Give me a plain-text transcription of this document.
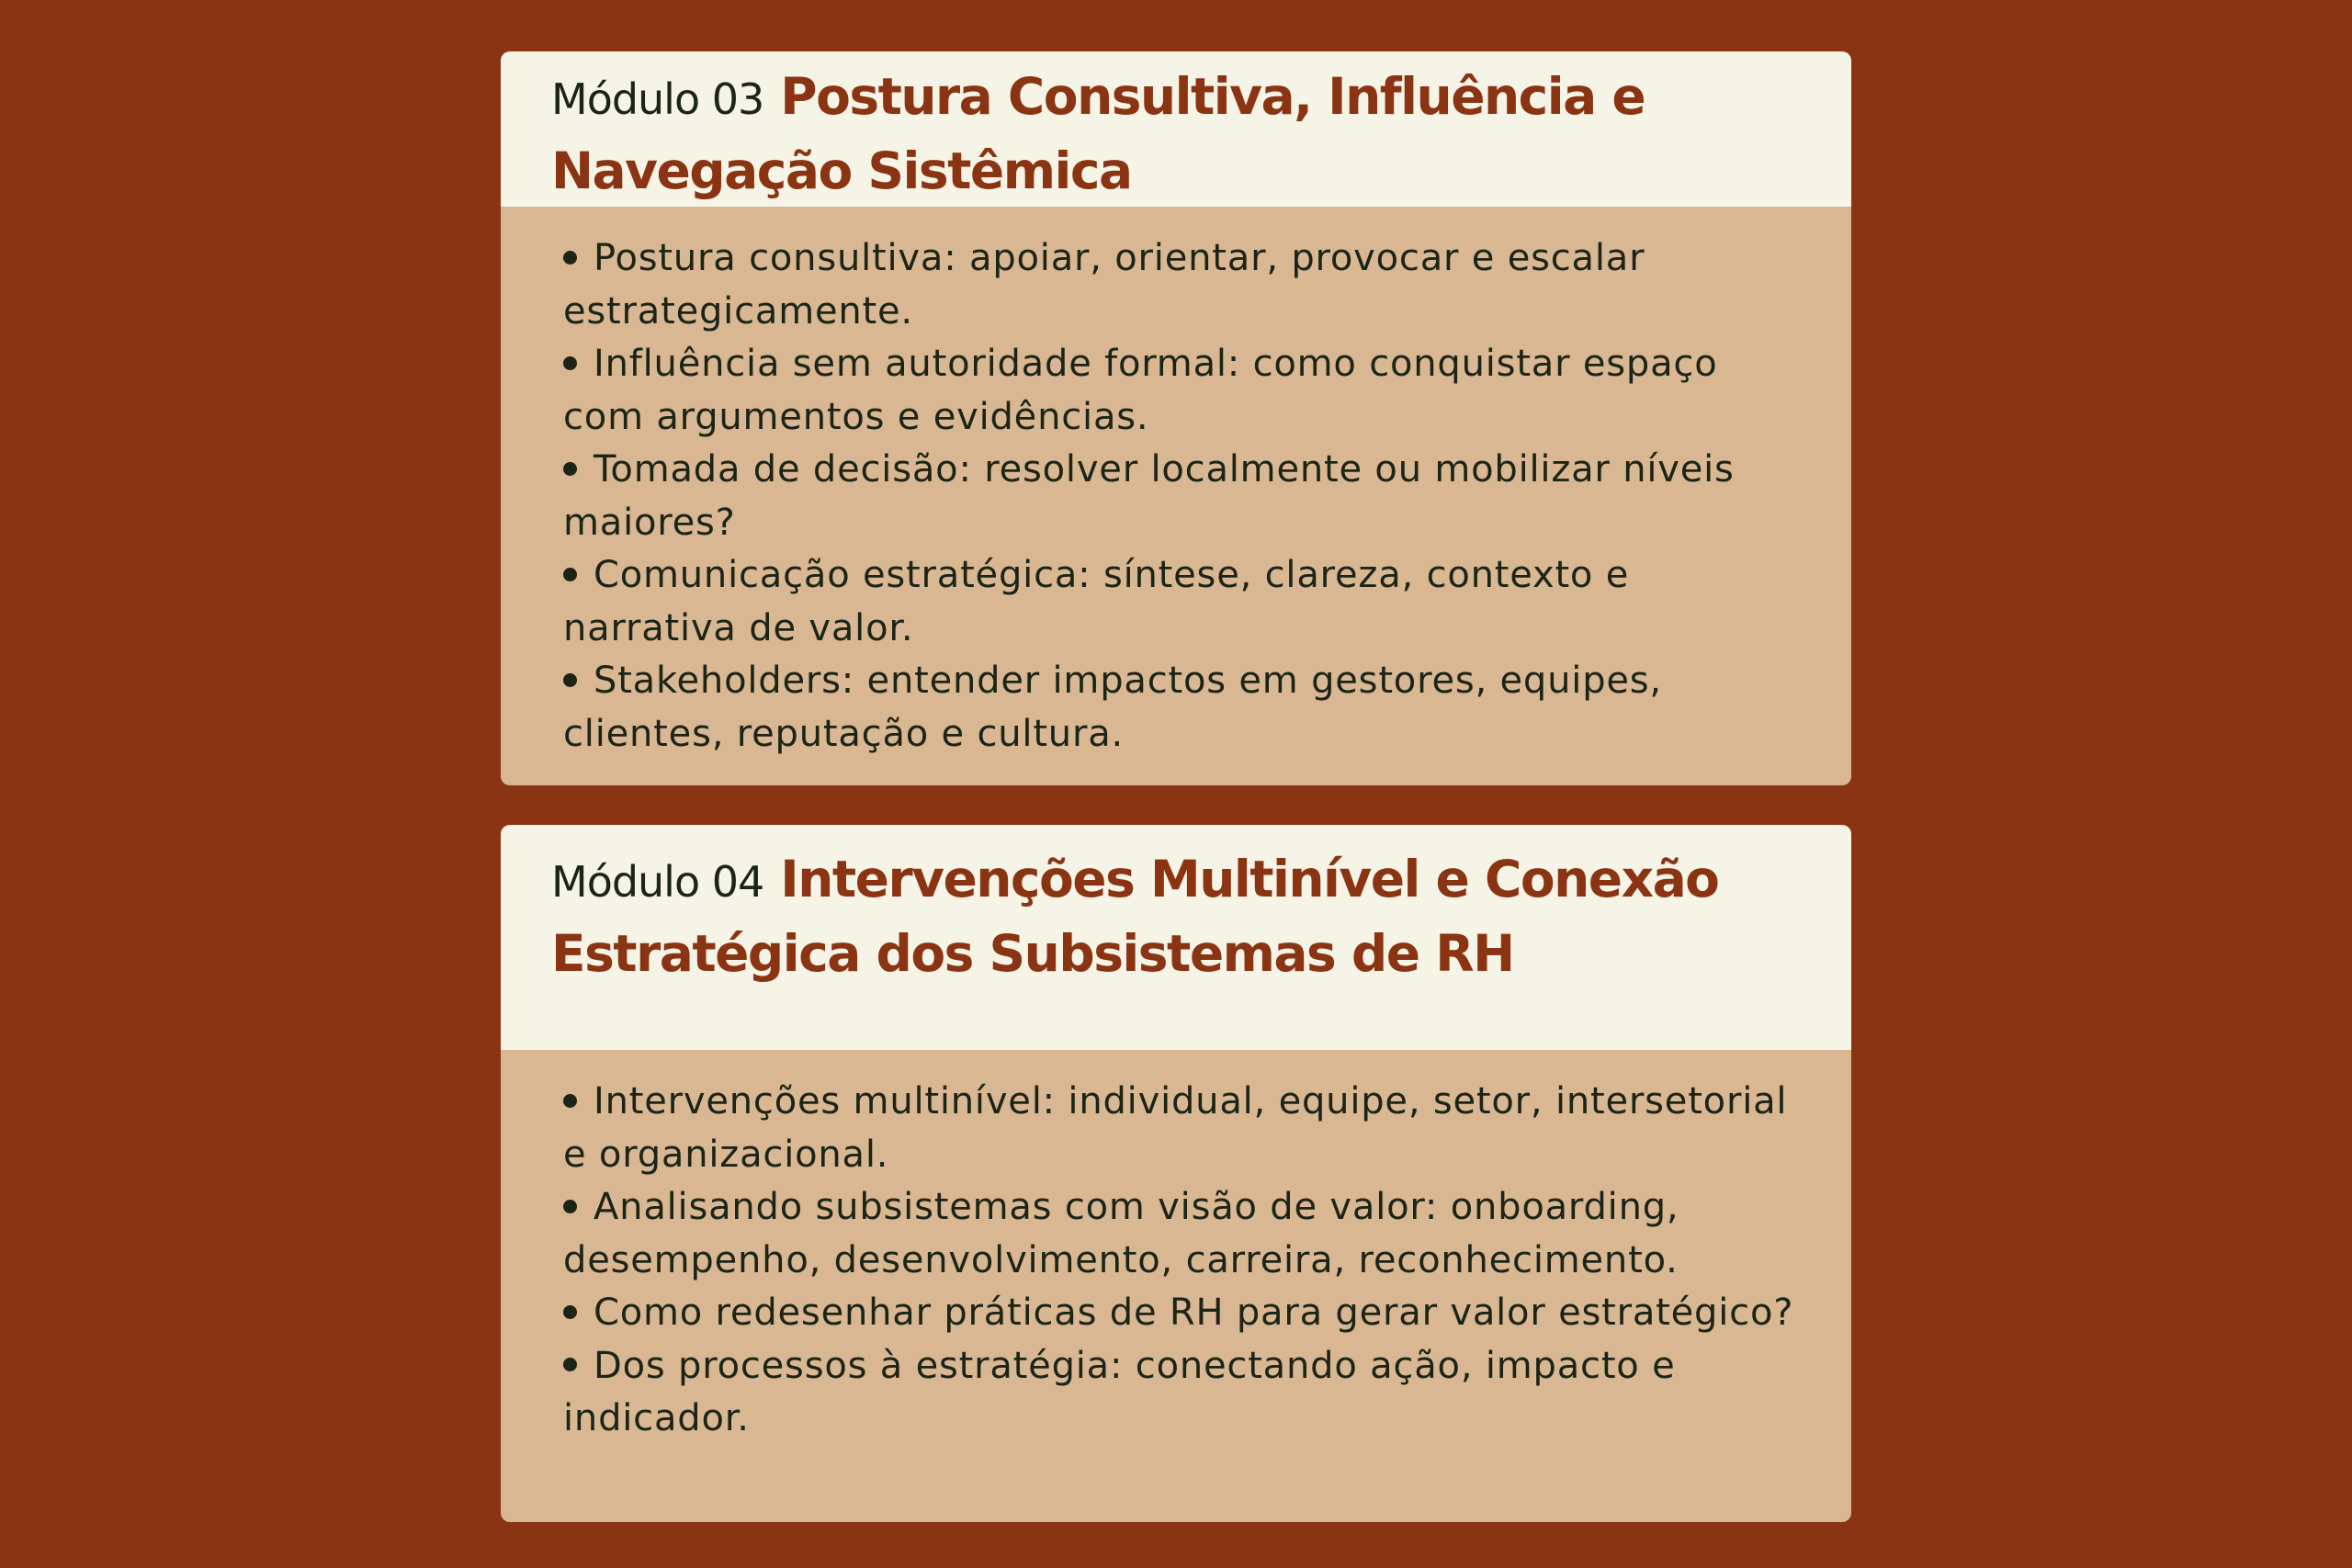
Módulo 03 Postura Consultiva, Influência e Navegação Sistêmica
Postura consultiva: apoiar, orientar, provocar e escalar estrategicamente.
Influência sem autoridade formal: como conquistar espaço com argumentos e evidências.
Tomada de decisão: resolver localmente ou mobilizar níveis maiores?
Comunicação estratégica: síntese, clareza, contexto e narrativa de valor.
Stakeholders: entender impactos em gestores, equipes, clientes, reputação e cultura.
Módulo 04 Intervenções Multinível e Conexão Estratégica dos Subsistemas de RH
Intervenções multinível: individual, equipe, setor, intersetorial e organizacional.
Analisando subsistemas com visão de valor: onboarding, desempenho, desenvolvimento, carreira, reconhecimento.
Como redesenhar práticas de RH para gerar valor estratégico?
Dos processos à estratégia: conectando ação, impacto e indicador.
